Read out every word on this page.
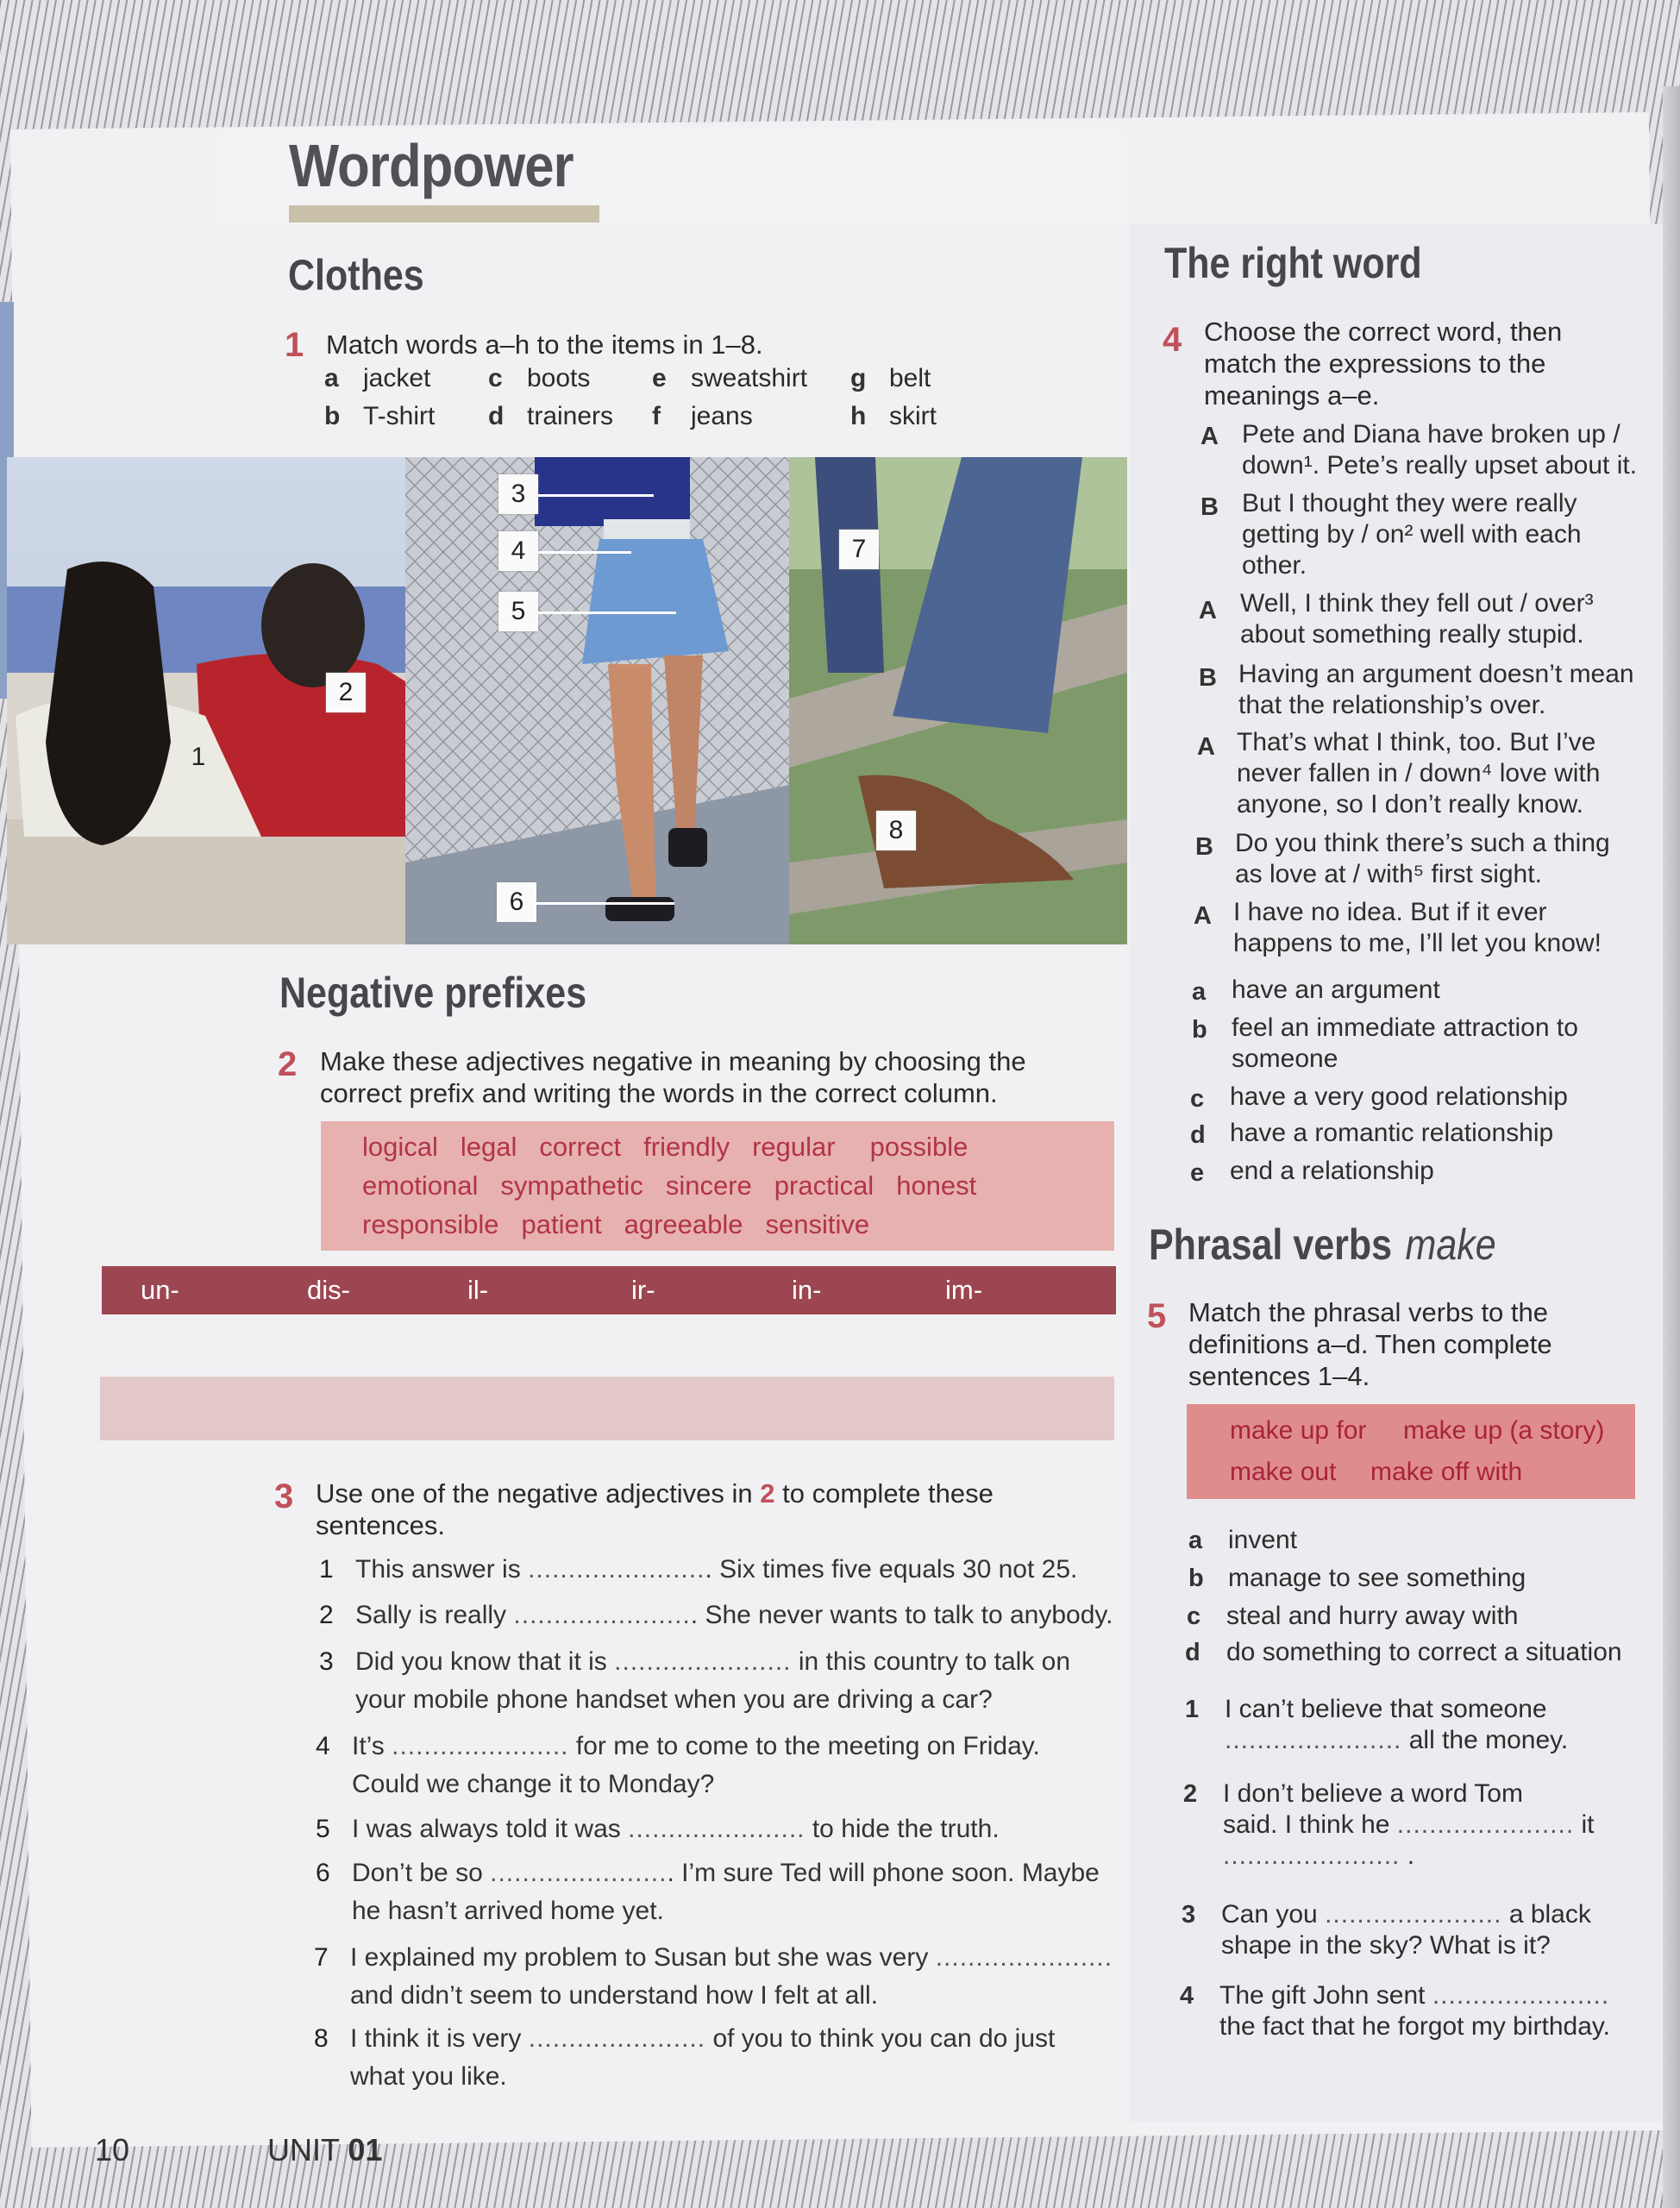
Wordpower
Clothes
1 Match words a–h to the items in 1–8.
a jacket	c boots	e sweatshirt	g belt
b T-shirt	d trainers	f jeans	h skirt
1
2
3
4
5
6
7
8
Negative prefixes
2 Make these adjectives negative in meaning by choosing the
correct prefix and writing the words in the correct column.
logical legal correct friendly regular possible
emotional sympathetic sincere practical honest
responsible patient agreeable sensitive
un-	dis-	il-	ir-	in-	im-
3 Use one of the negative adjectives in 2 to complete these
sentences.
1 This answer is ....................... Six times five equals 30 not 25.
2 Sally is really ....................... She never wants to talk to anybody.
3 Did you know that it is ...................... in this country to talk on
your mobile phone handset when you are driving a car?
4 It’s ...................... for me to come to the meeting on Friday.
Could we change it to Monday?
5 I was always told it was ...................... to hide the truth.
6 Don’t be so ....................... I’m sure Ted will phone soon. Maybe
he hasn’t arrived home yet.
7 I explained my problem to Susan but she was very ......................
and didn’t seem to understand how I felt at all.
8 I think it is very ...................... of you to think you can do just
what you like.
The right word
4 Choose the correct word, then
match the expressions to the
meanings a–e.
A Pete and Diana have broken up /
down¹. Pete’s really upset about it.
B But I thought they were really
getting by / on² well with each
other.
A Well, I think they fell out / over³
about something really stupid.
B Having an argument doesn’t mean
that the relationship’s over.
A That’s what I think, too. But I’ve
never fallen in / down⁴ love with
anyone, so I don’t really know.
B Do you think there’s such a thing
as love at / with⁵ first sight.
A I have no idea. But if it ever
happens to me, I’ll let you know!
a have an argument
b feel an immediate attraction to
someone
c have a very good relationship
d have a romantic relationship
e end a relationship
Phrasal verbs make
5 Match the phrasal verbs to the
definitions a–d. Then complete
sentences 1–4.
make up for make up (a story)
make out make off with
a invent
b manage to see something
c steal and hurry away with
d do something to correct a situation
1 I can’t believe that someone
...................... all the money.
2 I don’t believe a word Tom
said. I think he ...................... it
...................... .
3 Can you ...................... a black
shape in the sky? What is it?
4 The gift John sent ......................
the fact that he forgot my birthday.
10	UNIT 01
